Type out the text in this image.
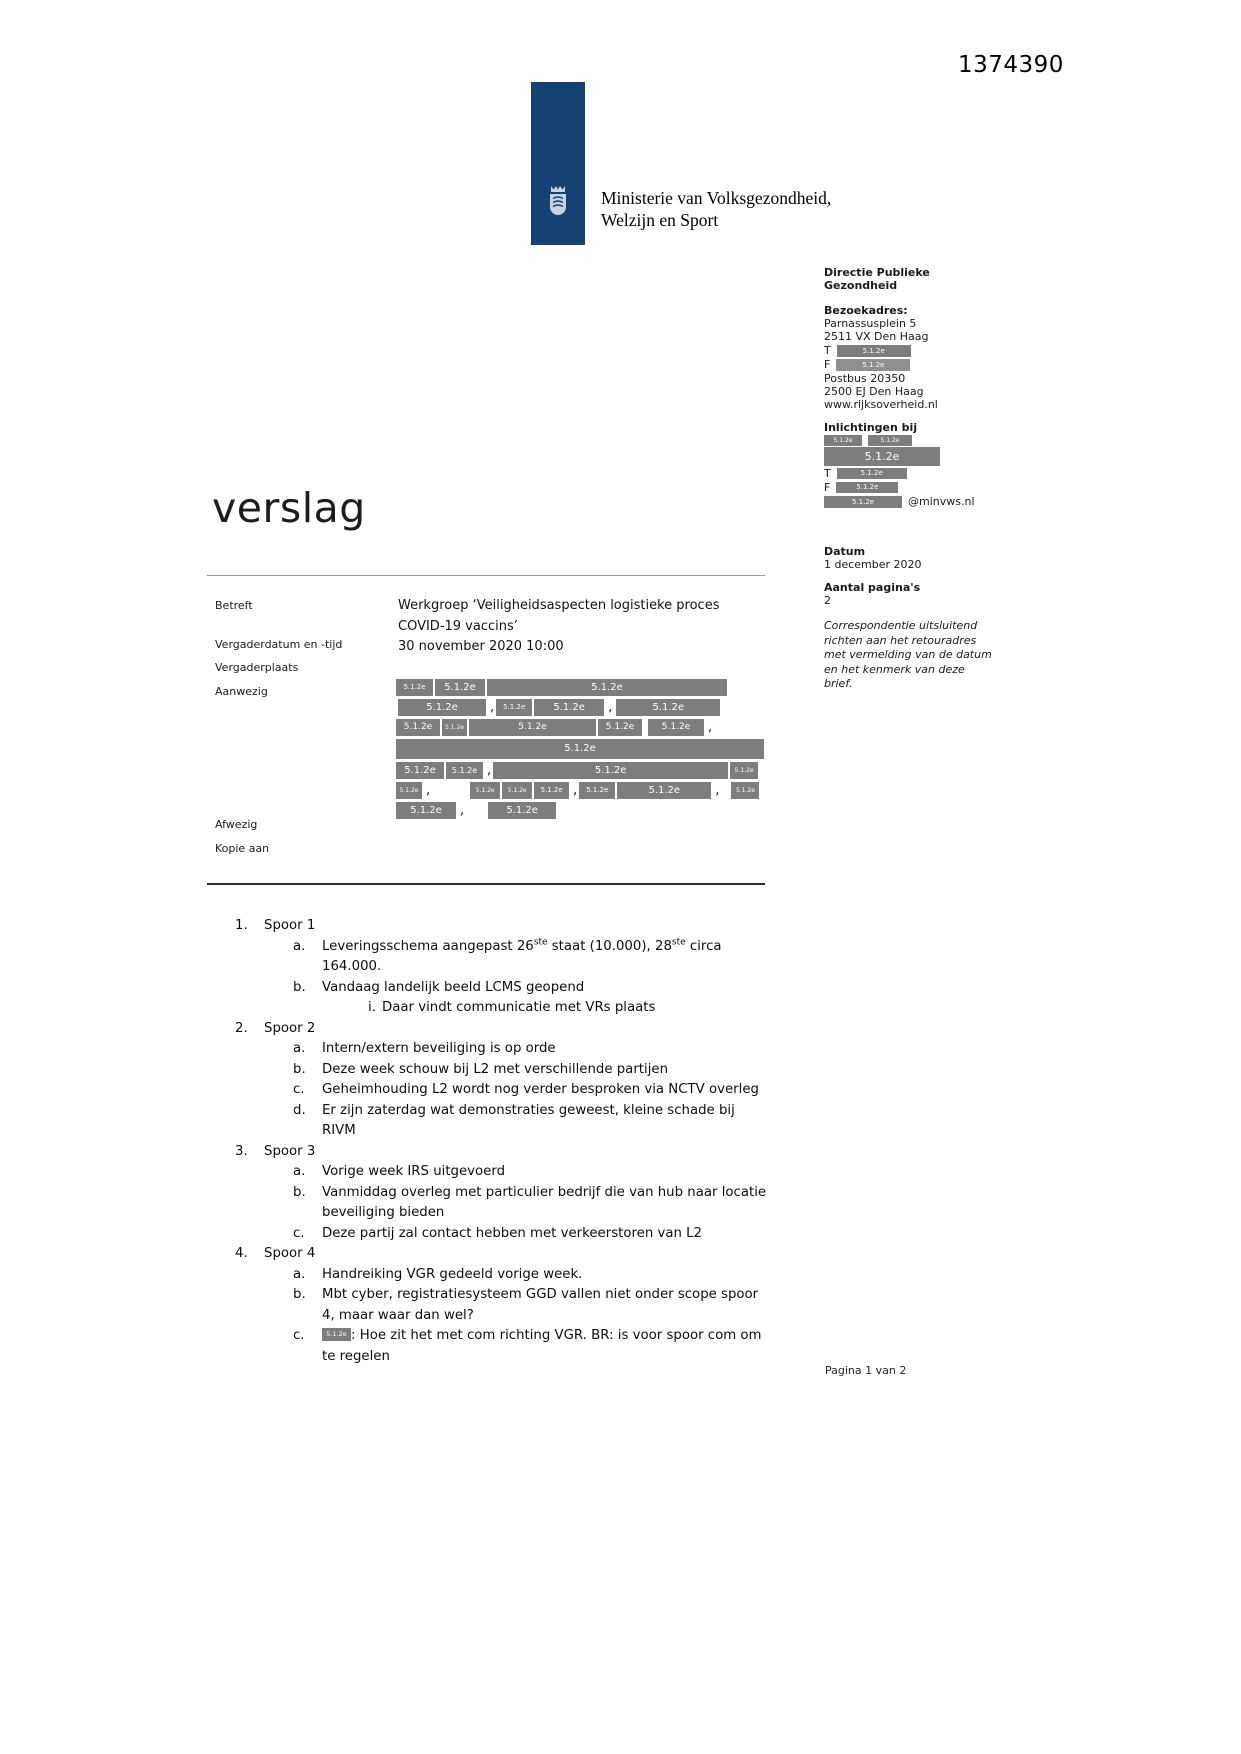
1374390
Ministerie van Volksgezondheid,
Welzijn en Sport
Directie Publieke
Gezondheid
Bezoekadres:
Parnassusplein 5
2511 VX Den Haag
T	5.1.2e
F	5.1.2e
Postbus 20350
2500 EJ Den Haag
www.rijksoverheid.nl
Inlichtingen bij
5.1.2e	5.1.2e
5.1.2e
T	5.1.2e
F	5.1.2e
5.1.2e	@minvws.nl
Datum
1 december 2020
Aantal pagina's
2
Correspondentie uitsluitend richten aan het retouradres met vermelding van de datum en het kenmerk van deze brief.
verslag
Betreft	Werkgroep ‘Veiligheidsaspecten logistieke proces
COVID-19 vaccins’
Vergaderdatum en -tijd	30 november 2020 10:00
Vergaderplaats
Aanwezig	5.1.2e	5.1.2e	5.1.2e
5.1.2e	,	5.1.2e	5.1.2e	,	5.1.2e
5.1.2e	5.1.2e	5.1.2e	5.1.2e	5.1.2e	,
5.1.2e
5.1.2e	5.1.2e ,	5.1.2e	5.1.2e
5.1.2e ,	5.1.2e	5.1.2e	5.1.2e ,	5.1.2e	5.1.2e	,	5.1.2e
5.1.2e	,	5.1.2e
Afwezig
Kopie aan
1.	Spoor 1
a.	Leveringsschema aangepast 26ste staat (10.000), 28ste circa
164.000.
b.	Vandaag landelijk beeld LCMS geopend
i. Daar vindt communicatie met VRs plaats
2.	Spoor 2
a.	Intern/extern beveiliging is op orde
b.	Deze week schouw bij L2 met verschillende partijen
c.	Geheimhouding L2 wordt nog verder besproken via NCTV overleg
d.	Er zijn zaterdag wat demonstraties geweest, kleine schade bij
RIVM
3.	Spoor 3
a.	Vorige week IRS uitgevoerd
b.	Vanmiddag overleg met particulier bedrijf die van hub naar locatie
beveiliging bieden
c.	Deze partij zal contact hebben met verkeerstoren van L2
4.	Spoor 4
a.	Handreiking VGR gedeeld vorige week.
b.	Mbt cyber, registratiesysteem GGD vallen niet onder scope spoor
4, maar waar dan wel?
c.	5.1.2e : Hoe zit het met com richting VGR. BR: is voor spoor com om
te regelen
Pagina 1 van 2
